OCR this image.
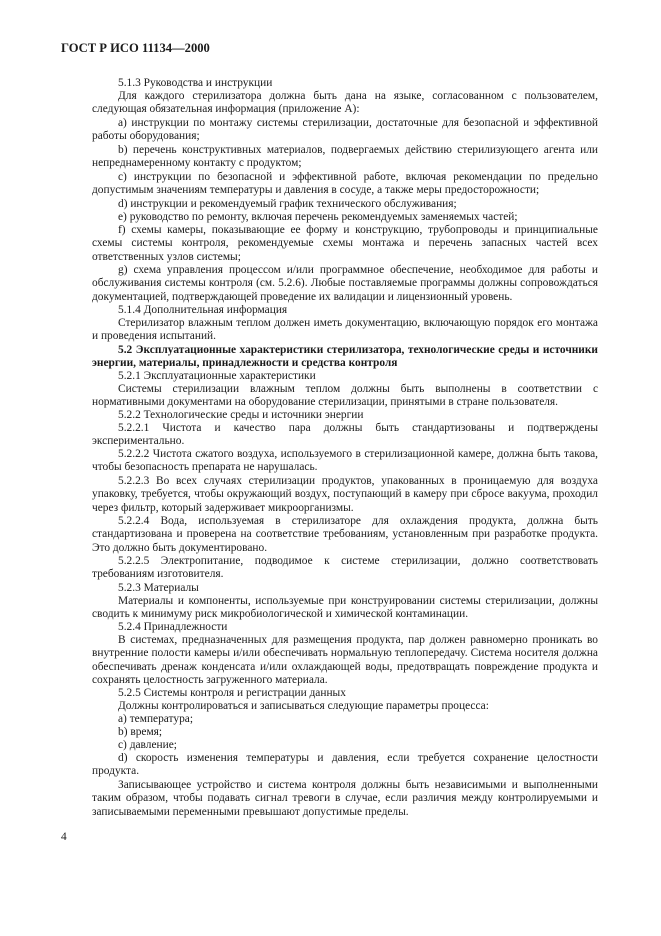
ГОСТ Р ИСО 11134—2000

5.1.3 Руководства и инструкции

Для каждого стерилизатора должна быть дана на языке, согласованном с пользователем, следующая обязательная информация (приложение А):

а) инструкции по монтажу системы стерилизации, достаточные для безопасной и эффективной работы оборудования;

b) перечень конструктивных материалов, подвергаемых действию стерилизующего агента или непреднамеренному контакту с продуктом;

с) инструкции по безопасной и эффективной работе, включая рекомендации по предельно допустимым значениям температуры и давления в сосуде, а также меры предосторожности;

d) инструкции и рекомендуемый график технического обслуживания;

е) руководство по ремонту, включая перечень рекомендуемых заменяемых частей;

f) схемы камеры, показывающие ее форму и конструкцию, трубопроводы и принципиальные схемы системы контроля, рекомендуемые схемы монтажа и перечень запасных частей всех ответственных узлов системы;

g) схема управления процессом и/или программное обеспечение, необходимое для работы и обслуживания системы контроля (см. 5.2.6). Любые поставляемые программы должны сопровождаться документацией, подтверждающей проведение их валидации и лицензионный уровень.

5.1.4 Дополнительная информация

Стерилизатор влажным теплом должен иметь документацию, включающую порядок его монтажа и проведения испытаний.

5.2 Эксплуатационные характеристики стерилизатора, технологические среды и источники энергии, материалы, принадлежности и средства контроля

5.2.1 Эксплуатационные характеристики

Системы стерилизации влажным теплом должны быть выполнены в соответствии с нормативными документами на оборудование стерилизации, принятыми в стране пользователя.

5.2.2 Технологические среды и источники энергии

5.2.2.1 Чистота и качество пара должны быть стандартизованы и подтверждены экспериментально.

5.2.2.2 Чистота сжатого воздуха, используемого в стерилизационной камере, должна быть такова, чтобы безопасность препарата не нарушалась.

5.2.2.3 Во всех случаях стерилизации продуктов, упакованных в проницаемую для воздуха упаковку, требуется, чтобы окружающий воздух, поступающий в камеру при сбросе вакуума, проходил через фильтр, который задерживает микроорганизмы.

5.2.2.4 Вода, используемая в стерилизаторе для охлаждения продукта, должна быть стандартизована и проверена на соответствие требованиям, установленным при разработке продукта. Это должно быть документировано.

5.2.2.5 Электропитание, подводимое к системе стерилизации, должно соответствовать требованиям изготовителя.

5.2.3 Материалы

Материалы и компоненты, используемые при конструировании системы стерилизации, должны сводить к минимуму риск микробиологической и химической контаминации.

5.2.4 Принадлежности

В системах, предназначенных для размещения продукта, пар должен равномерно проникать во внутренние полости камеры и/или обеспечивать нормальную теплопередачу. Система носителя должна обеспечивать дренаж конденсата и/или охлаждающей воды, предотвращать повреждение продукта и сохранять целостность загруженного материала.

5.2.5 Системы контроля и регистрации данных

Должны контролироваться и записываться следующие параметры процесса:

а) температура;

b) время;

с) давление;

d) скорость изменения температуры и давления, если требуется сохранение целостности продукта.

Записывающее устройство и система контроля должны быть независимыми и выполненными таким образом, чтобы подавать сигнал тревоги в случае, если различия между контролируемыми и записываемыми переменными превышают допустимые пределы.

4
